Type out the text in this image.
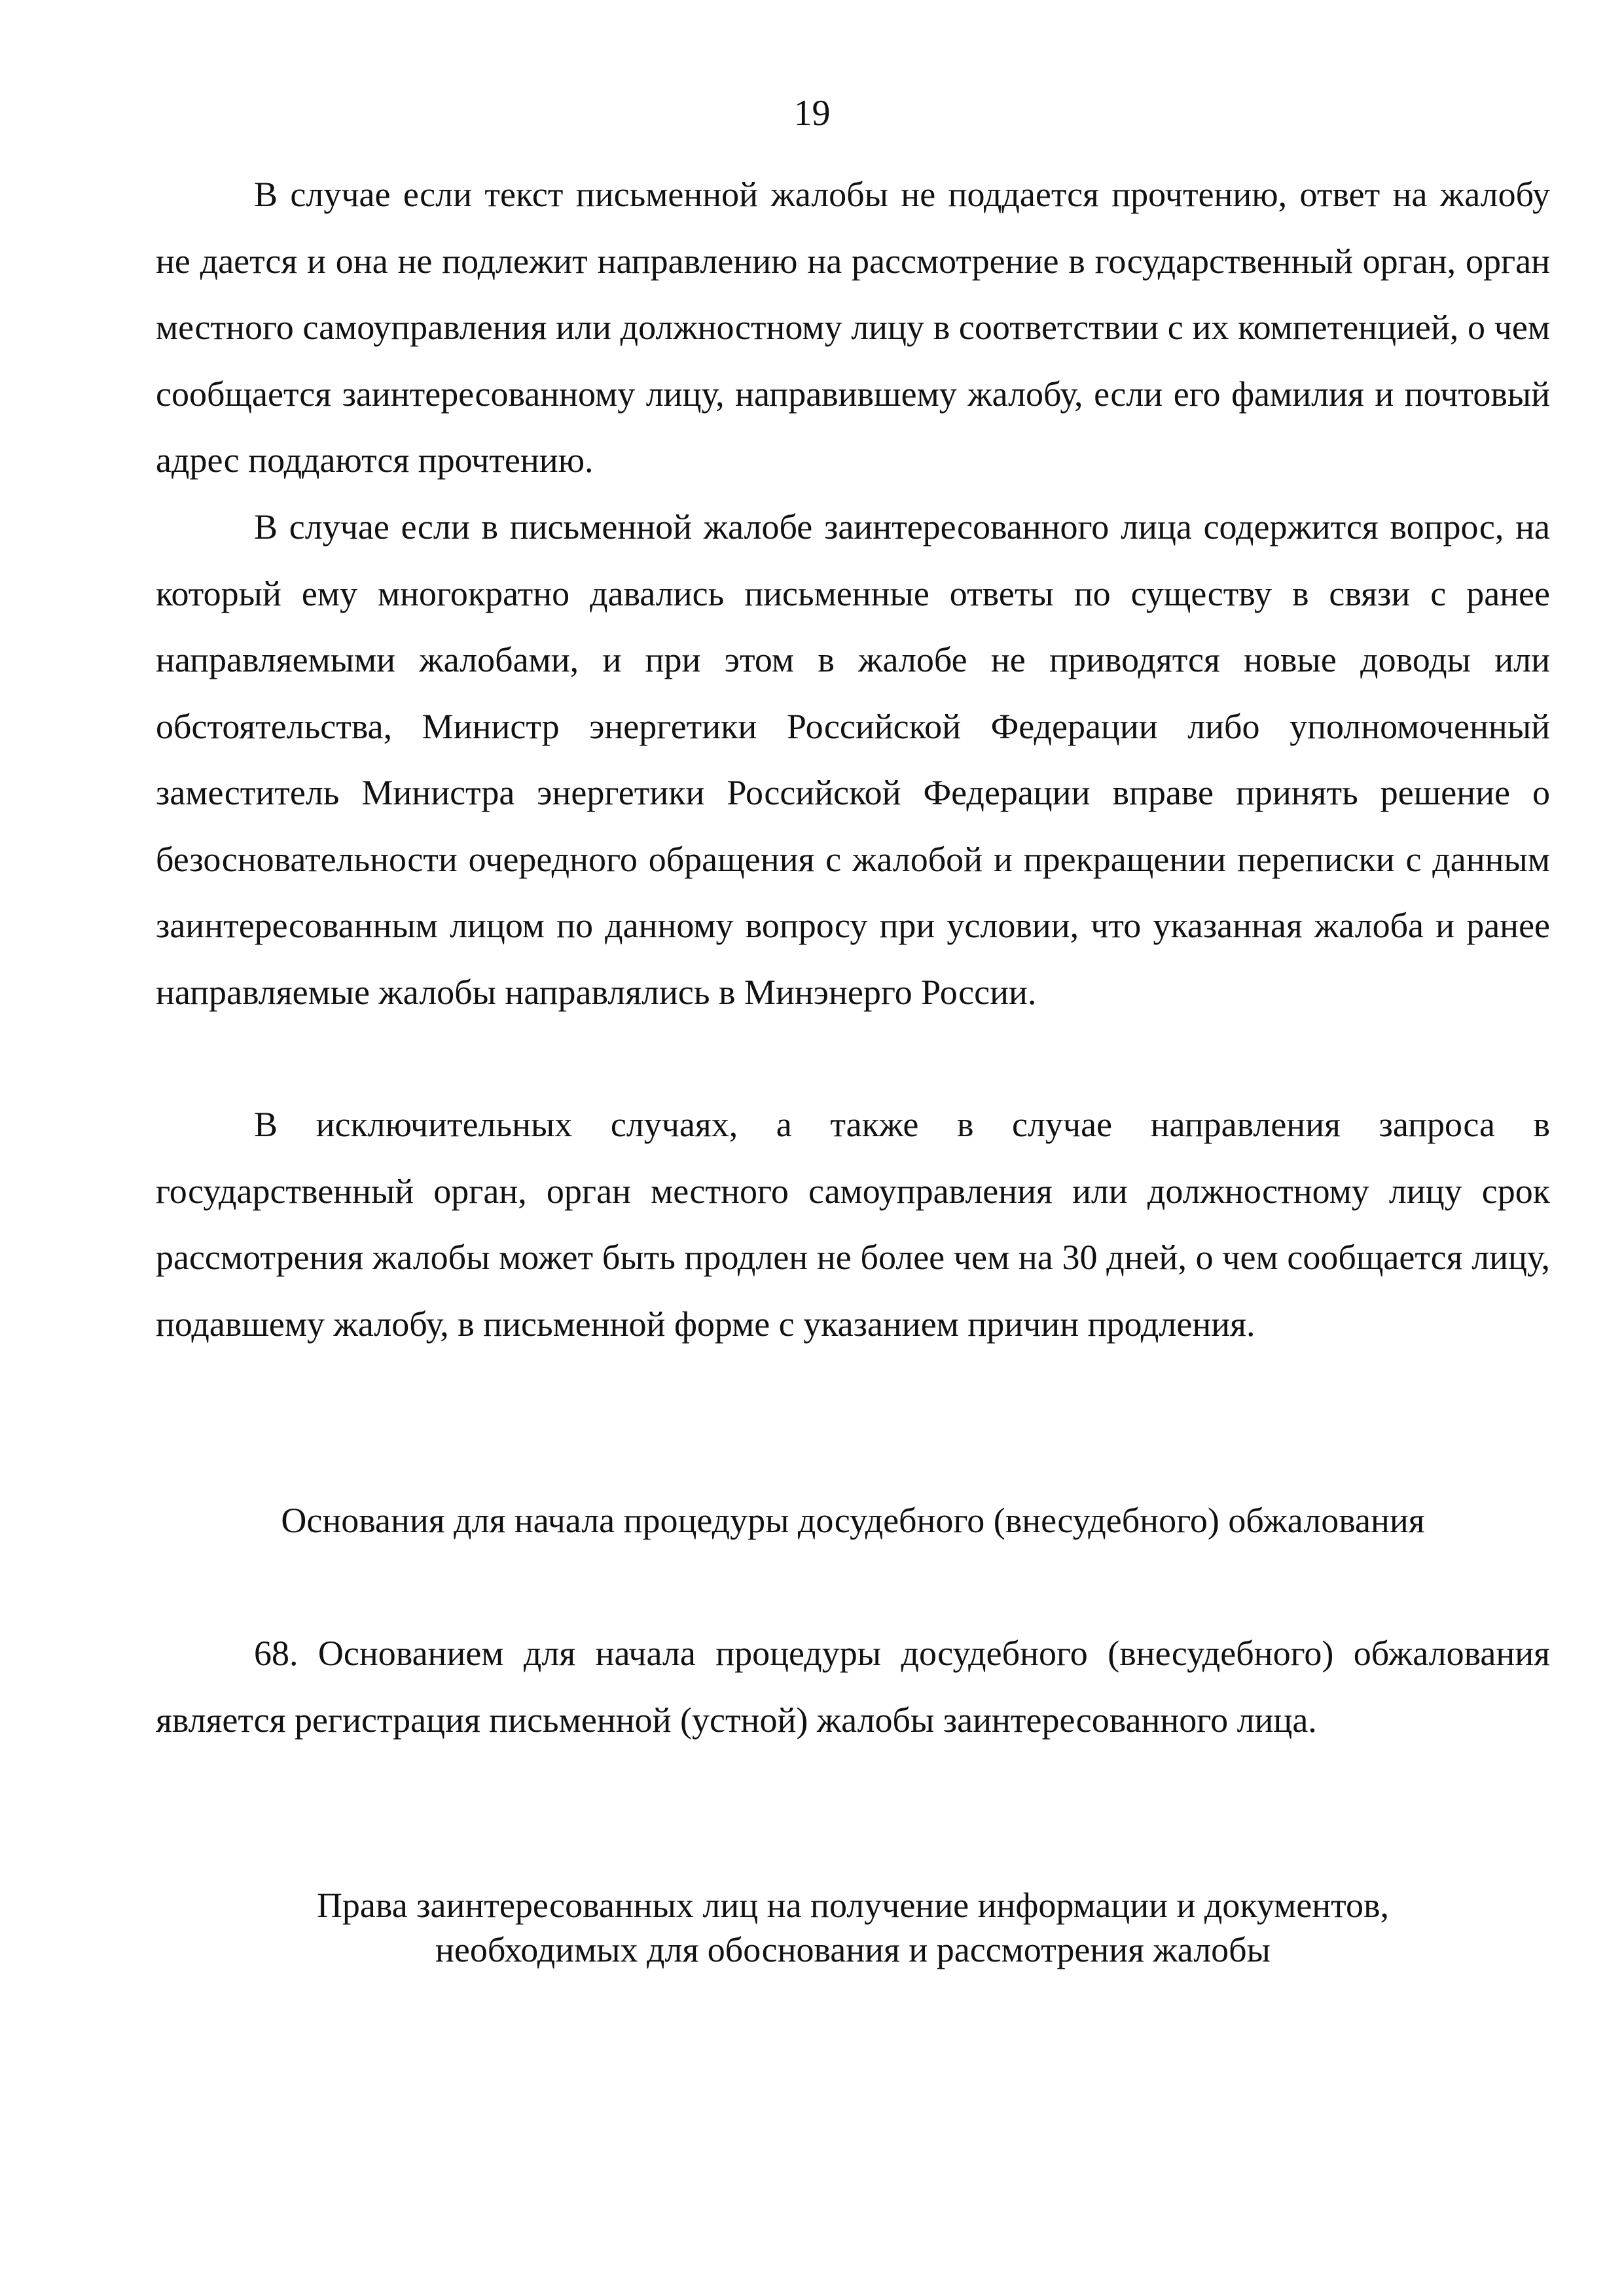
19

В случае если текст письменной жалобы не поддается прочтению, ответ на жалобу не дается и она не подлежит направлению на рассмотрение в государственный орган, орган местного самоуправления или должностному лицу в соответствии с их компетенцией, о чем сообщается заинтересованному лицу, направившему жалобу, если его фамилия и почтовый адрес поддаются прочтению.

В случае если в письменной жалобе заинтересованного лица содержится вопрос, на который ему многократно давались письменные ответы по существу в связи с ранее направляемыми жалобами, и при этом в жалобе не приводятся новые доводы или обстоятельства, Министр энергетики Российской Федерации либо уполномоченный заместитель Министра энергетики Российской Федерации вправе принять решение о безосновательности очередного обращения с жалобой и прекращении переписки с данным заинтересованным лицом по данному вопросу при условии, что указанная жалоба и ранее направляемые жалобы направлялись в Минэнерго России.

В исключительных случаях, а также в случае направления запроса в государственный орган, орган местного самоуправления или должностному лицу срок рассмотрения жалобы может быть продлен не более чем на 30 дней, о чем сообщается лицу, подавшему жалобу, в письменной форме с указанием причин продления.

Основания для начала процедуры досудебного (внесудебного) обжалования

68. Основанием для начала процедуры досудебного (внесудебного) обжалования является регистрация письменной (устной) жалобы заинтересованного лица.

Права заинтересованных лиц на получение информации и документов,
необходимых для обоснования и рассмотрения жалобы
